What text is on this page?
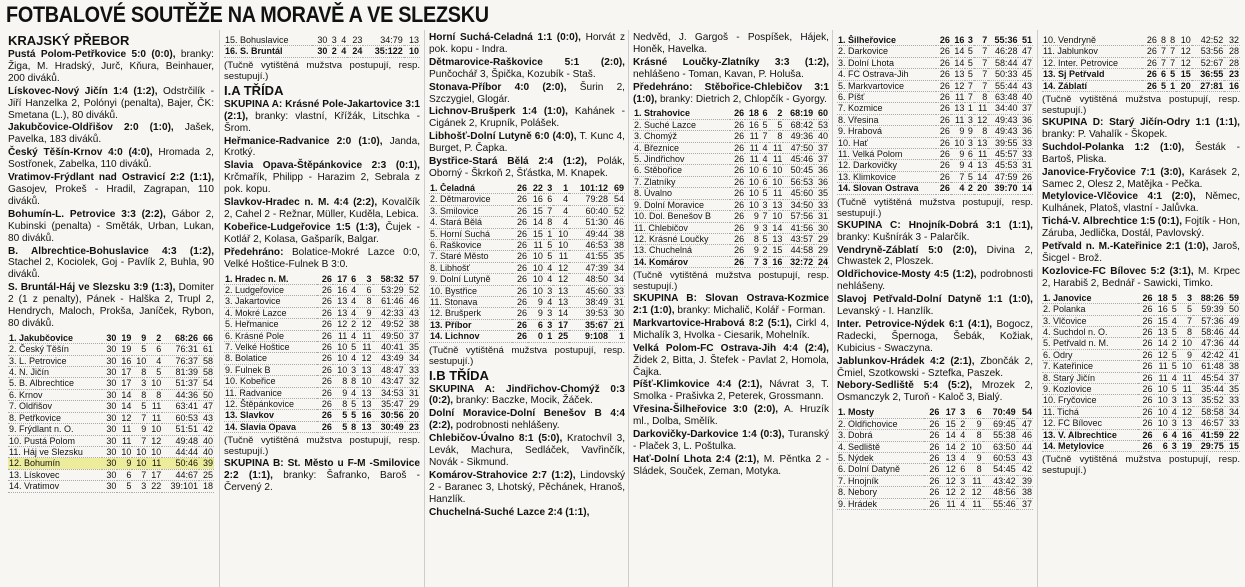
FOTBALOVÉ SOUTĚŽE NA MORAVĚ A VE SLEZSKU
KRAJSKÝ PŘEBOR

Pustá Polom-Petřkovice 5:0 (0:0), branky: Žiga, M. Hradský, Jurč, Kňura, Beinhauer, 200 diváků.

Lískovec-Nový Jičín 1:4 (1:2), Odstrčilík - Jiří Hanzelka 2, Polónyi (penalta), Bajer, ČK: Smetana (L.), 80 diváků.

Jakubčovice-Oldřišov 2:0 (1:0), Jašek, Pavelka, 183 diváků.

Český Těšín-Krnov 4:0 (4:0), Hromada 2, Sostřonek, Zabelka, 110 diváků.

Vratimov-Frýdlant nad Ostravicí 2:2 (1:1), Gasojev, Prokeš - Hradil, Zagrapan, 110 diváků.

Bohumín-L. Petrovice 3:3 (2:2), Gábor 2, Kubinski (penalta) - Směták, Urban, Lukan, 80 diváků.

B. Albrechtice-Bohuslavice 4:3 (1:2), Stachel 2, Kociolek, Goj - Pavlík 2, Buhla, 90 diváků.

S. Bruntál-Háj ve Slezsku 3:9 (1:3), Domiter 2 (1 z penalty), Pánek - Halška 2, Trupl 2, Hendrych, Maloch, Prokša, Janíček, Rybon, 80 diváků.

1. Jakubčovice	30	19	9	2	68:26	66
2. Český Těšín	30	19	5	6	76:31	61
3. L. Petrovice	30	16	10	4	76:37	58
4. N. Jičín	30	17	8	5	81:39	58
5. B. Albrechtice	30	17	3	10	51:37	54
6. Krnov	30	14	8	8	44:36	50
7. Oldřišov	30	14	5	11	63:41	47
8. Petřkovice	30	12	7	11	60:53	43
9. Frýdlant n. O.	30	11	9	10	51:51	42
10. Pustá Polom	30	11	7	12	49:48	40
11. Háj ve Slezsku	30	10	10	10	44:44	40
12. Bohumín	30	9	10	11	50:46	39
13. Lískovec	30	6	7	17	44:67	25
14. Vratimov	30	5	3	22	39:101	18
15. Bohuslavice	30	3	4	23	34:79	13
16. S. Bruntál	30	2	4	24	35:122	10

(Tučně vytištěná mužstva postupují, resp. sestupují.)

I.A TŘÍDA

SKUPINA A: Krásné Pole-Jakartovice 3:1 (2:1), branky: vlastní, Křížák, Litschka - Šrom.

Heřmanice-Radvanice 2:0 (1:0), Janda, Krotký.

Slavia Opava-Štěpánkovice 2:3 (0:1), Krčmařík, Philipp - Harazim 2, Sebrala z pok. kopu.

Slavkov-Hradec n. M. 4:4 (2:2), Kovalčík 2, Cahel 2 - Režnar, Müller, Kuděla, Lebica.

Kobeřice-Ludgeřovice 1:5 (1:3), Čujek - Kotlář 2, Kolasa, Gašparík, Balgar.

Předehráno: Bolatice-Mokré Lazce 0:0, Velké Hoštice-Fulnek B 3:0.

1. Hradec n. M.	26	17	6	3	58:32	57
2. Ludgeřovice	26	16	4	6	53:29	52
3. Jakartovice	26	13	4	8	61:46	46
4. Mokré Lazce	26	13	4	9	42:33	43
5. Heřmanice	26	12	2	12	49:52	38
6. Krásné Pole	26	11	4	11	49:50	37
7. Velké Hoštice	26	10	5	11	40:41	35
8. Bolatice	26	10	4	12	43:49	34
9. Fulnek B	26	10	3	13	48:47	33
10. Kobeřice	26	8	8	10	43:47	32
11. Radvanice	26	9	4	13	34:53	31
12. Štěpánkovice	26	8	5	13	35:47	29
13. Slavkov	26	5	5	16	30:56	20
14. Slavia Opava	26	5	8	13	30:49	23

(Tučně vytištěná mužstva postupují, resp. sestupují.)

SKUPINA B: St. Město u F-M -Smilovice 2:2 (1:1), branky: Šafranko, Baroš - Červený 2.

Horní Suchá-Čeladná 1:1 (0:0), Horvát z pok. kopu - Indra.

Dětmarovice-Raškovice 5:1 (2:0), Punčochář 3, Špička, Kozubík - Staš.

Stonava-Příbor 4:0 (2:0), Šurin 2, Szczygiel, Glogár.

Lichnov-Brušperk 1:4 (1:0), Kahánek - Cigánek 2, Krupník, Polášek.

Libhošť-Dolní Lutyně 6:0 (4:0), T. Kunc 4, Burget, P. Čapka.

Bystřice-Stará Bělá 2:4 (1:2), Polák, Oborný - Škrkoň 2, Šťástka, M. Knapek.

1. Čeladná	26	22	3	1	101:12	69
2. Dětmarovice	26	16	6	4	79:28	54
3. Smilovice	26	15	7	4	60:40	52
4. Stará Bělá	26	14	8	4	51:30	46
5. Horní Suchá	26	15	1	10	49:44	38
6. Raškovice	26	11	5	10	46:53	38
7. Staré Město	26	10	5	11	41:55	35
8. Libhošť	26	10	4	12	47:39	34
9. Dolní Lutyně	26	10	4	12	48:50	34
10. Bystřice	26	10	3	13	45:60	33
11. Stonava	26	9	4	13	38:49	31
12. Brušperk	26	9	3	14	39:53	30
13. Příbor	26	6	3	17	35:67	21
14. Lichnov	26	0	1	25	9:108	1

(Tučně vytištěná mužstva postupují, resp. sestupují.)

I.B TŘÍDA

SKUPINA A: Jindřichov-Chomýž 0:3 (0:2), branky: Baczke, Mocik, Žáček.

Dolní Moravice-Dolní Benešov B 4:4 (2:2), podrobnosti nehlášeny.

Chlebičov-Úvalno 8:1 (5:0), Kratochvíl 3, Levák, Machura, Sedláček, Vavřinčík, Novák - Sikmund.

Komárov-Strahovice 2:7 (1:2), Lindovský 2 - Baranec 3, Lhotský, Pěchánek, Hranoš, Hanzlík.

Chuchelná-Suché Lazce 2:4 (1:1),

Nedvěd, J. Gargoš - Pospíšek, Hájek, Honěk, Havelka.

Krásné Loučky-Zlatníky 3:3 (1:2), nehlášeno - Toman, Kavan, P. Holuša.

Předehráno: Stěbořice-Chlebičov 3:1 (1:0), branky: Dietrich 2, Chlopčík - Gyorgy.

1. Strahovice	26	18	6	2	68:19	60
2. Suché Lazce	26	16	5	5	68:42	53
3. Chomýž	26	11	7	8	49:36	40
4. Březnice	26	11	4	11	47:50	37
5. Jindřichov	26	11	4	11	45:46	37
6. Stěbořice	26	10	6	10	50:45	36
7. Zlatníky	26	10	6	10	56:53	36
8. Úvalno	26	10	5	11	45:60	35
9. Dolní Moravice	26	10	3	13	34:50	33
10. Dol. Benešov B	26	9	7	10	57:56	31
11. Chlebičov	26	9	3	14	41:56	30
12. Krásné Loučky	26	8	5	13	43:57	29
13. Chuchelná	26	9	2	15	44:58	29
14. Komárov	26	7	3	16	32:72	24

(Tučně vytištěná mužstva postupují, resp. sestupují.)

SKUPINA B: Slovan Ostrava-Kozmice 2:1 (1:0), branky: Michalič, Kolář - Forman.

Markvartovice-Hrabová 8:2 (5:1), Cirkl 4, Michalík 3, Hvolka - Ciesarik, Mohelník.

Velká Polom-FC Ostrava-Jih 4:4 (2:4), Židek 2, Bitta, J. Štefek - Pavlat 2, Homola, Čajka.

Píšť-Klimkovice 4:4 (2:1), Návrat 3, T. Smolka - Prašivka 2, Peterek, Grossmann.

Vřesina-Šilheřovice 3:0 (2:0), A. Hruzík ml., Dolba, Smělík.

Darkovičky-Darkovice 1:4 (0:3), Turanský - Plaček 3, L. Poštulka.

Hať-Dolní Lhota 2:4 (2:1), M. Pěntka 2 - Sládek, Souček, Zeman, Motyka.

1. Šilheřovice	26	16	3	7	55:36	51
2. Darkovice	26	14	5	7	46:28	47
3. Dolní Lhota	26	14	5	7	58:44	47
4. FC Ostrava-Jih	26	13	5	7	50:33	45
5. Markvartovice	26	12	7	7	55:44	43
6. Píšť	26	11	7	8	63:48	40
7. Kozmice	26	13	1	11	34:40	37
8. Vřesina	26	11	3	12	49:43	36
9. Hrabová	26	9	9	8	49:43	36
10. Hať	26	10	3	13	39:55	33
11. Velká Polom	26	9	6	11	45:57	33
12. Darkovičky	26	9	4	13	45:53	31
13. Klimkovice	26	7	5	14	47:59	26
14. Slovan Ostrava	26	4	2	20	39:70	14

(Tučně vytištěná mužstva postupují, resp. sestupují.)

SKUPINA C: Hnojník-Dobrá 3:1 (1:1), branky: Kušnírák 3 - Palarčík.

Vendryně-Záblatí 5:0 (2:0), Divina 2, Chwastek 2, Ploszek.

Oldřichovice-Mosty 4:5 (1:2), podrobnosti nehlášeny.

Slavoj Petřvald-Dolní Datyně 1:1 (1:0), Levanský - I. Hanzlík.

Inter. Petrovice-Nýdek 6:1 (4:1), Bogocz, Radecki, Špernoga, Šebák, Kožiak, Kubicius - Swaczyna.

Jablunkov-Hrádek 4:2 (2:1), Zbončák 2, Čmiel, Szotkowski - Sztefka, Paszek.

Nebory-Sedliště 5:4 (5:2), Mrozek 2, Osmanczyk 2, Turoň - Kaloč 3, Bialý.

1. Mosty	26	17	3	6	70:49	54
2. Oldřichovice	26	15	2	9	69:45	47
3. Dobrá	26	14	4	8	55:38	46
4. Sedliště	26	14	2	10	63:50	44
5. Nýdek	26	13	4	9	60:53	43
6. Dolní Datyně	26	12	6	8	54:45	42
7. Hnojník	26	12	3	11	43:42	39
8. Nebory	26	12	2	12	48:56	38
9. Hrádek	26	11	4	11	55:46	37
10. Vendryně	26	8	8	10	42:52	32
11. Jablunkov	26	7	7	12	53:56	28
12. Inter. Petrovice	26	7	7	12	52:67	28
13. Sj Petřvald	26	6	5	15	36:55	23
14. Záblatí	26	5	1	20	27:81	16

(Tučně vytištěná mužstva postupují, resp. sestupují.)

SKUPINA D: Starý Jičín-Odry 1:1 (1:1), branky: P. Vahalík - Škopek.

Suchdol-Polanka 1:2 (1:0), Šesták - Bartoš, Pliska.

Janovice-Fryčovice 7:1 (3:0), Karásek 2, Samec 2, Olesz 2, Matějka - Pečka.

Metylovice-Vlčovice 4:1 (2:0), Němec, Kulhánek, Platoš, vlastní - Jalůvka.

Tichá-V. Albrechtice 1:5 (0:1), Fojtík - Hon, Záruba, Jedlička, Dostál, Pavlovský.

Petřvald n. M.-Kateřinice 2:1 (1:0), Jaroš, Šicgel - Brož.

Kozlovice-FC Bílovec 5:2 (3:1), M. Krpec 2, Harabiš 2, Bednář - Sawicki, Timko.

1. Janovice	26	18	5	3	88:26	59
2. Polanka	26	16	5	5	59:39	50
3. Vlčovice	26	15	4	7	57:36	49
4. Suchdol n. O.	26	13	5	8	58:46	44
5. Petřvald n. M.	26	14	2	10	47:36	44
6. Odry	26	12	5	9	42:42	41
7. Kateřinice	26	11	5	10	61:48	38
8. Starý Jičín	26	11	4	11	45:54	37
9. Kozlovice	26	10	5	11	35:44	35
10. Fryčovice	26	10	3	13	35:52	33
11. Tichá	26	10	4	12	58:58	34
12. FC Bílovec	26	10	3	13	46:57	33
13. V. Albrechtice	26	6	4	16	41:59	22
14. Metylovice	26	6	3	19	29:75	15

(Tučně vytištěná mužstva postupují, resp. sestupují.)
